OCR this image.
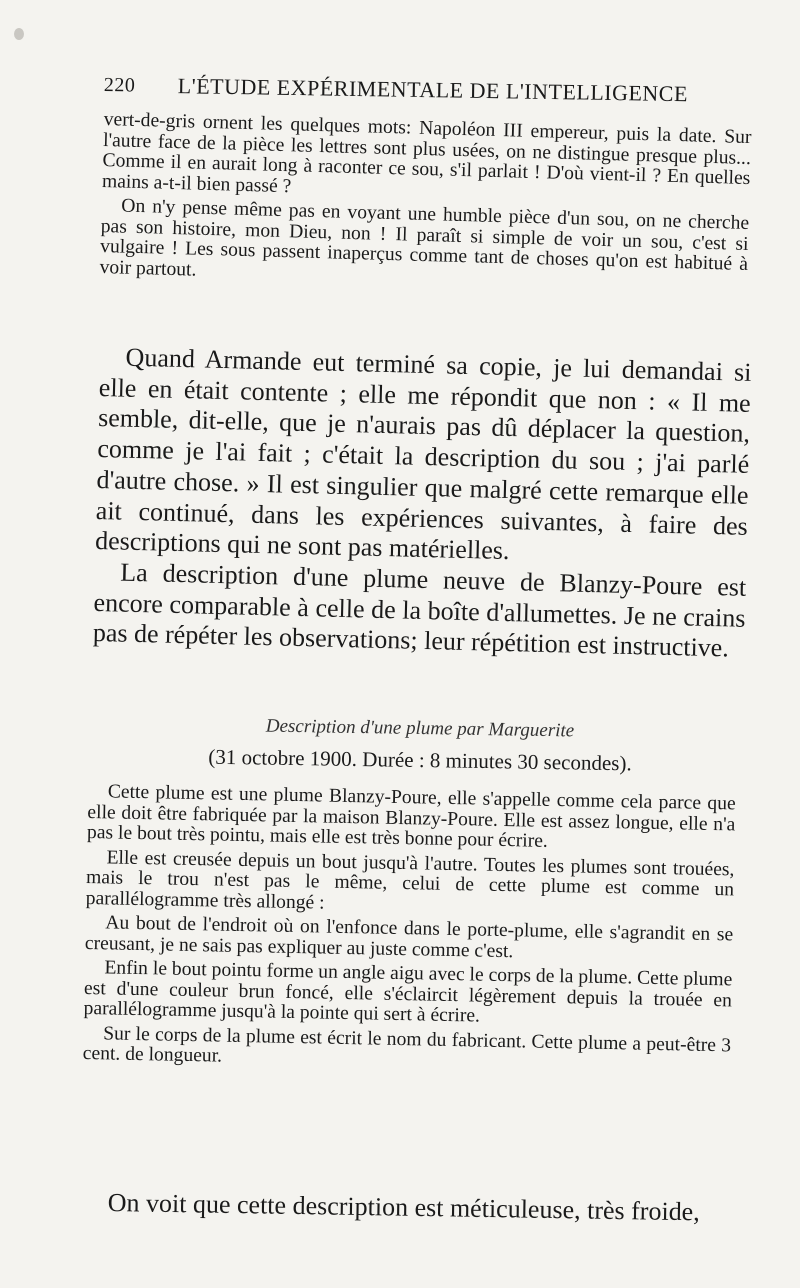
220 L'ÉTUDE EXPÉRIMENTALE DE L'INTELLIGENCE

vert-de-gris ornent les quelques mots: Napoléon III empereur, puis la date. Sur l'autre face de la pièce les lettres sont plus usées, on ne distingue presque plus... Comme il en aurait long à raconter ce sou, s'il parlait ! D'où vient-il ? En quelles mains a-t-il bien passé ?

On n'y pense même pas en voyant une humble pièce d'un sou, on ne cherche pas son histoire, mon Dieu, non ! Il paraît si simple de voir un sou, c'est si vulgaire ! Les sous passent inaperçus comme tant de choses qu'on est habitué à voir partout.

Quand Armande eut terminé sa copie, je lui demandai si elle en était contente ; elle me répondit que non : « Il me semble, dit-elle, que je n'aurais pas dû déplacer la question, comme je l'ai fait ; c'était la description du sou ; j'ai parlé d'autre chose. » Il est singulier que malgré cette remarque elle ait continué, dans les expériences suivantes, à faire des descriptions qui ne sont pas matérielles.

La description d'une plume neuve de Blanzy-Poure est encore comparable à celle de la boîte d'allumettes. Je ne crains pas de répéter les observations; leur répétition est instructive.

Description d'une plume par Marguerite
(31 octobre 1900. Durée : 8 minutes 30 secondes).

Cette plume est une plume Blanzy-Poure, elle s'appelle comme cela parce que elle doit être fabriquée par la maison Blanzy-Poure. Elle est assez longue, elle n'a pas le bout très pointu, mais elle est très bonne pour écrire.

Elle est creusée depuis un bout jusqu'à l'autre. Toutes les plumes sont trouées, mais le trou n'est pas le même, celui de cette plume est comme un parallélogramme très allongé :

Au bout de l'endroit où on l'enfonce dans le porte-plume, elle s'agrandit en se creusant, je ne sais pas expliquer au juste comme c'est.

Enfin le bout pointu forme un angle aigu avec le corps de la plume. Cette plume est d'une couleur brun foncé, elle s'éclaircit légèrement depuis la trouée en parallélogramme jusqu'à la pointe qui sert à écrire.

Sur le corps de la plume est écrit le nom du fabricant. Cette plume a peut-être 3 cent. de longueur.

On voit que cette description est méticuleuse, très froide,
